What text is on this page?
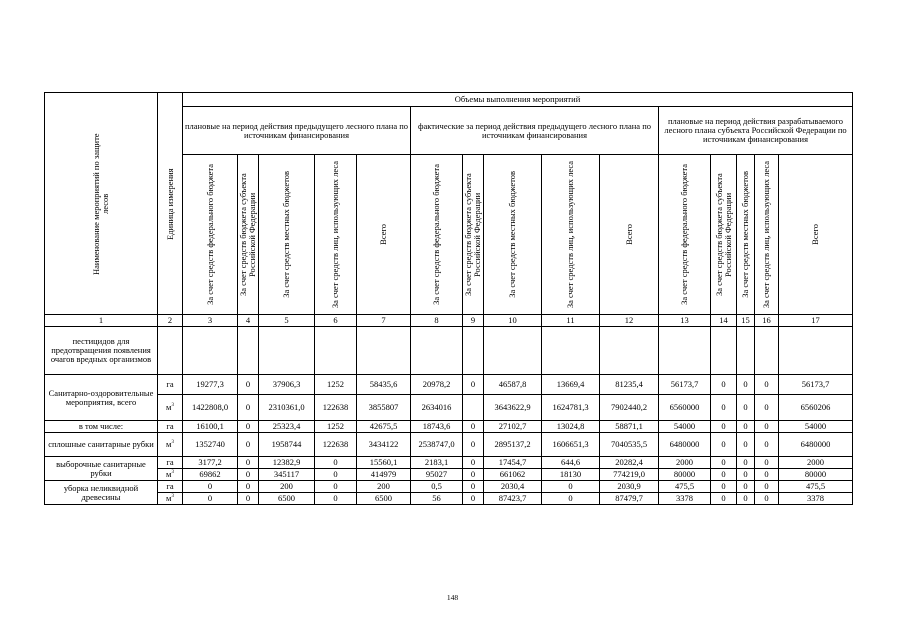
Наименование мероприятий по защите лесов	Единица измерения	Объемы выполнения мероприятий														
		плановые на период действия предыдущего лесного плана по источникам финансирования					фактические за период действия предыдущего лесного плана по источникам финансирования					плановые на период действия разрабатываемого лесного плана субъекта Российской Федерации по источникам финансирования				

		За счет средств федерального бюджета	За счет средств бюджета субъекта Российской Федерации	За счет средств местных бюджетов	За счет средств лиц, использующих леса	Всего	За счет средств федерального бюджета	За счет средств бюджета субъекта Российской Федерации	За счет средств местных бюджетов	За счет средств лиц, использующих леса	Всего	За счет средств федерального бюджета	За счет средств бюджета субъекта Российской Федерации	За счет средств местных бюджетов	За счет средств лиц, использующих леса	Всего

1	2	3	4	5	6	7	8	9	10	11	12	13	14	15	16	17
пестицидов для предотвращения появления очагов вредных организмов																
Санитарно-оздоровительные мероприятия, всего	га	19277,3	0	37906,3	1252	58435,6	20978,2	0	46587,8	13669,4	81235,4	56173,7	0	0	0	56173,7
	$м^3$	1422808,0	0	2310361,0	122638	3855807	2634016		3643622,9	1624781,3	7902440,2	6560000	0	0	0	6560206
в том числе:	га	16100,1	0	25323,4	1252	42675,5	18743,6	0	27102,7	13024,8	58871,1	54000	0	0	0	54000
сплошные санитарные рубки	$м^3$	1352740	0	1958744	122638	3434122	2538747,0	0	2895137,2	1606651,3	7040535,5	6480000	0	0	0	6480000
выборочные санитарные рубки	га	3177,2	0	12382,9	0	15560,1	2183,1	0	17454,7	644,6	20282,4	2000	0	0	0	2000
	$м^3$	69862	0	345117	0	414979	95027	0	661062	18130	774219,0	80000	0	0	0	80000
уборка неликвидной древесины	га	0	0	200	0	200	0,5	0	2030,4	0	2030,9	475,5	0	0	0	475,5
	$м^3$	0	0	6500	0	6500	56	0	87423,7	0	87479,7	3378	0	0	0	3378
148
